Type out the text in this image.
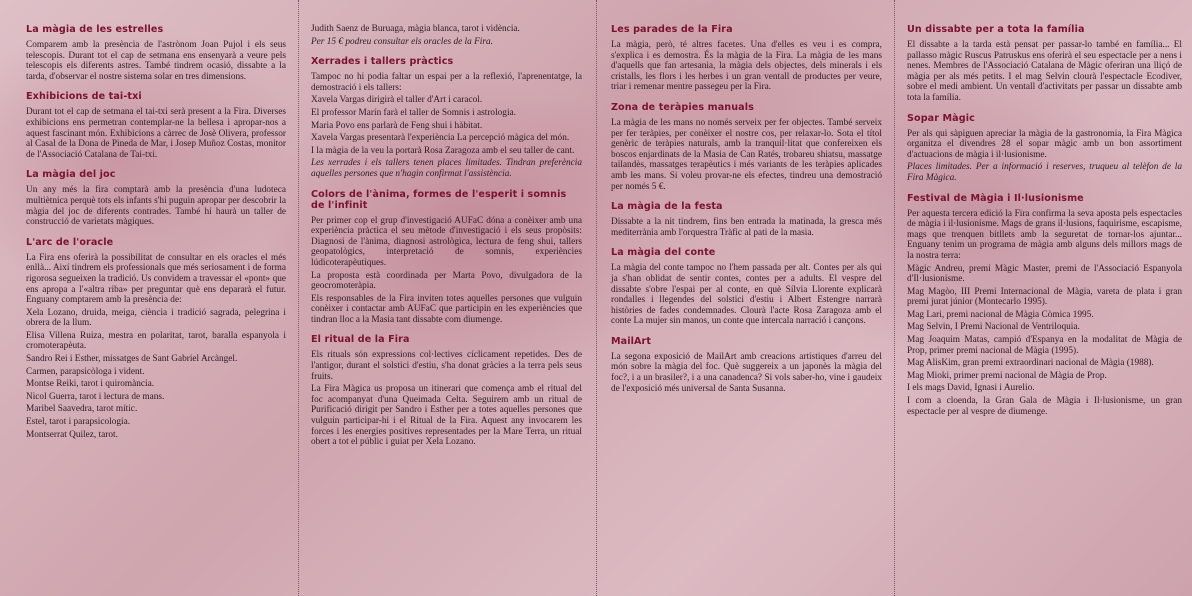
La màgia de les estrelles

Comparem amb la presència de l'astrònom Joan Pujol i els seus telescopis. Durant tot el cap de setmana ens ensenyarà a veure pels telescopis els diferents astres. També tindrem ocasió, dissabte a la tarda, d'observar el nostre sistema solar en tres dimensions.

Exhibicions de tai-txi

Durant tot el cap de setmana el tai-txi serà present a la Fira. Diverses exhibicions ens permetran contemplar-ne la bellesa i apropar-nos a aquest fascinant món. Exhibicions a càrrec de Josè Olivera, professor al Casal de la Dona de Pineda de Mar, i Josep Muñoz Costas, monitor de l'Associació Catalana de Tai-txi.

La màgia del joc

Un any més la fira comptarà amb la presència d'una ludoteca multiètnica perquè tots els infants s'hi puguin apropar per descobrir la màgia del joc de diferents contrades. També hi haurà un taller de construcció de varietats màgiques.

L'arc de l'oracle

La Fira ens oferirà la possibilitat de consultar en els oracles el més enllà... Així tindrem els professionals que més seriosament i de forma rigorosa segueixen la tradició. Us convidem a travessar el «pont» que ens apropa a l'«altra riba» per preguntar què ens depararà el futur. Enguany comptarem amb la presència de:

Xela Lozano, druida, meiga, ciència i tradició sagrada, pelegrina i obrera de la llum.

Elisa Villena Ruiza, mestra en polaritat, tarot, baralla espanyola i cromoterapèuta.

Sandro Rei i Esther, missatges de Sant Gabriel Arcàngel.

Carmen, parapsicòloga i vident.

Montse Reiki, tarot i quiromància.

Nicol Guerra, tarot i lectura de mans.

Maribel Saavedra, tarot mític.

Estel, tarot i parapsicologia.

Montserrat Quilez, tarot.

Judith Saenz de Buruaga, màgia blanca, tarot i vidència.

Per 15 € podreu consultar els oracles de la Fira.

Xerrades i tallers pràctics

Tampoc no hi podia faltar un espai per a la reflexió, l'aprenentatge, la demostració i els tallers:

Xavela Vargas dirigirà el taller d'Art i caracol.

El professor Marín farà el taller de Somnis i astrologia.

Maria Povo ens parlarà de Feng shui i hàbitat.

Xavela Vargas presentarà l'experiència La percepció màgica del món.

I la màgia de la veu la portarà Rosa Zaragoza amb el seu taller de cant.

Les xerrades i els tallers tenen places limitades. Tindran preferència aquelles persones que n'hagin confirmat l'assistència.

Colors de l'ànima, formes de l'esperit i somnis de l'infinit

Per primer cop el grup d'investigació AUFaC dóna a conèixer amb una experiència pràctica el seu mètode d'investigació i els seus propòsits: Diagnosi de l'ànima, diagnosi astrològica, lectura de feng shui, tallers geopatològics, interpretació de somnis, experiències lúdicoterapèutiques.

La proposta està coordinada per Marta Povo, divulgadora de la geocromoteràpia.

Els responsables de la Fira inviten totes aquelles persones que vulguin conèixer i contactar amb AUFaC que participin en les experiències que tindran lloc a la Masia tant dissabte com diumenge.

El ritual de la Fira

Els rituals són expressions col·lectives cíclicament repetides. Des de l'antigor, durant el solstici d'estiu, s'ha donat gràcies a la terra pels seus fruits.

La Fira Màgica us proposa un itinerari que comença amb el ritual del foc acompanyat d'una Queimada Celta. Seguirem amb un ritual de Purificació dirigit per Sandro i Esther per a totes aquelles persones que vulguin participar-hi i el Ritual de la Fira. Aquest any invocarem les forces i les energies positives representades per la Mare Terra, un ritual obert a tot el públic i guiat per Xela Lozano.

Les parades de la Fira

La màgia, però, té altres facetes. Una d'elles es veu i es compra, s'explica i es demostra. És la màgia de la Fira. La màgia de les mans d'aquells que fan artesania, la màgia dels objectes, dels minerals i els cristalls, les flors i les herbes i un gran ventall de productes per veure, triar i remenar mentre passegeu per la Fira.

Zona de teràpies manuals

La màgia de les mans no només serveix per fer objectes. També serveix per fer teràpies, per conèixer el nostre cos, per relaxar-lo. Sota el títol genèric de teràpies naturals, amb la tranquil·litat que confereixen els boscos enjardinats de la Masia de Can Ratés, trobareu shiatsu, massatge tailandès, massatges terapèutics i més variants de les teràpies aplicades amb les mans. Si voleu provar-ne els efectes, tindreu una demostració per només 5 €.

La màgia de la festa

Dissabte a la nit tindrem, fins ben entrada la matinada, la gresca més mediterrània amb l'orquestra Tràfic al pati de la masia.

La màgia del conte

La màgia del conte tampoc no l'hem passada per alt. Contes per als qui ja s'han oblidat de sentir contes, contes per a adults. El vespre del dissabte s'obre l'espai per al conte, en què Sílvia Llorente explicarà rondalles i llegendes del solstici d'estiu i Albert Estengre narrarà històries de fades condemnades. Clourà l'acte Rosa Zaragoza amb el conte La mujer sin manos, un conte que intercala narració i cançons.

MailArt

La segona exposició de MailArt amb creacions artístiques d'arreu del món sobre la màgia del foc. Què suggereix a un japonès la màgia del foc?, i a un brasiler?, i a una canadenca? Si vols saber-ho, vine i gaudeix de l'exposició més universal de Santa Susanna.

Un dissabte per a tota la família

El dissabte a la tarda està pensat per passar-lo també en família... El pallasso màgic Ruscus Patruskus ens oferirà el seu espectacle per a nens i nenes. Membres de l'Associació Catalana de Màgic oferiran una lliçó de màgia per als més petits. I el mag Selvin clourà l'espectacle Ecodiver, sobre el medi ambient. Un ventall d'activitats per passar un dissabte amb tota la família.

Sopar Màgic

Per als qui sàpiguen apreciar la màgia de la gastronomia, la Fira Màgica organitza el divendres 28 el sopar màgic amb un bon assortiment d'actuacions de màgia i il·lusionisme.

Places limitades. Per a informació i reserves, truqueu al telèfon de la Fira Màgica.

Festival de Màgia i Il·lusionisme

Per aquesta tercera edició la Fira confirma la seva aposta pels espectacles de màgia i il·lusionisme. Mags de grans il·lusions, faquirisme, escapisme, mags que trenquen bitllets amb la seguretat de tornar-los ajuntar... Enguany tenim un programa de màgia amb alguns dels millors mags de la nostra terra:

Màgic Andreu, premi Màgic Master, premi de l'Associació Espanyola d'Il·lusionisme.

Mag Magòo, III Premi Internacional de Màgia, vareta de plata i gran premi jurat júnior (Montecarlo 1995).

Mag Lari, premi nacional de Màgia Còmica 1995.

Mag Selvin, I Premi Nacional de Ventriloquia.

Mag Joaquim Matas, campió d'Espanya en la modalitat de Màgia de Prop, primer premi nacional de Màgia (1995).

Mag AlisKim, gran premi extraordinari nacional de Màgia (1988).

Mag Mioki, primer premi nacional de Màgia de Prop.

I els mags David, Ignasi i Aurelio.

I com a cloenda, la Gran Gala de Màgia i Il·lusionisme, un gran espectacle per al vespre de diumenge.
